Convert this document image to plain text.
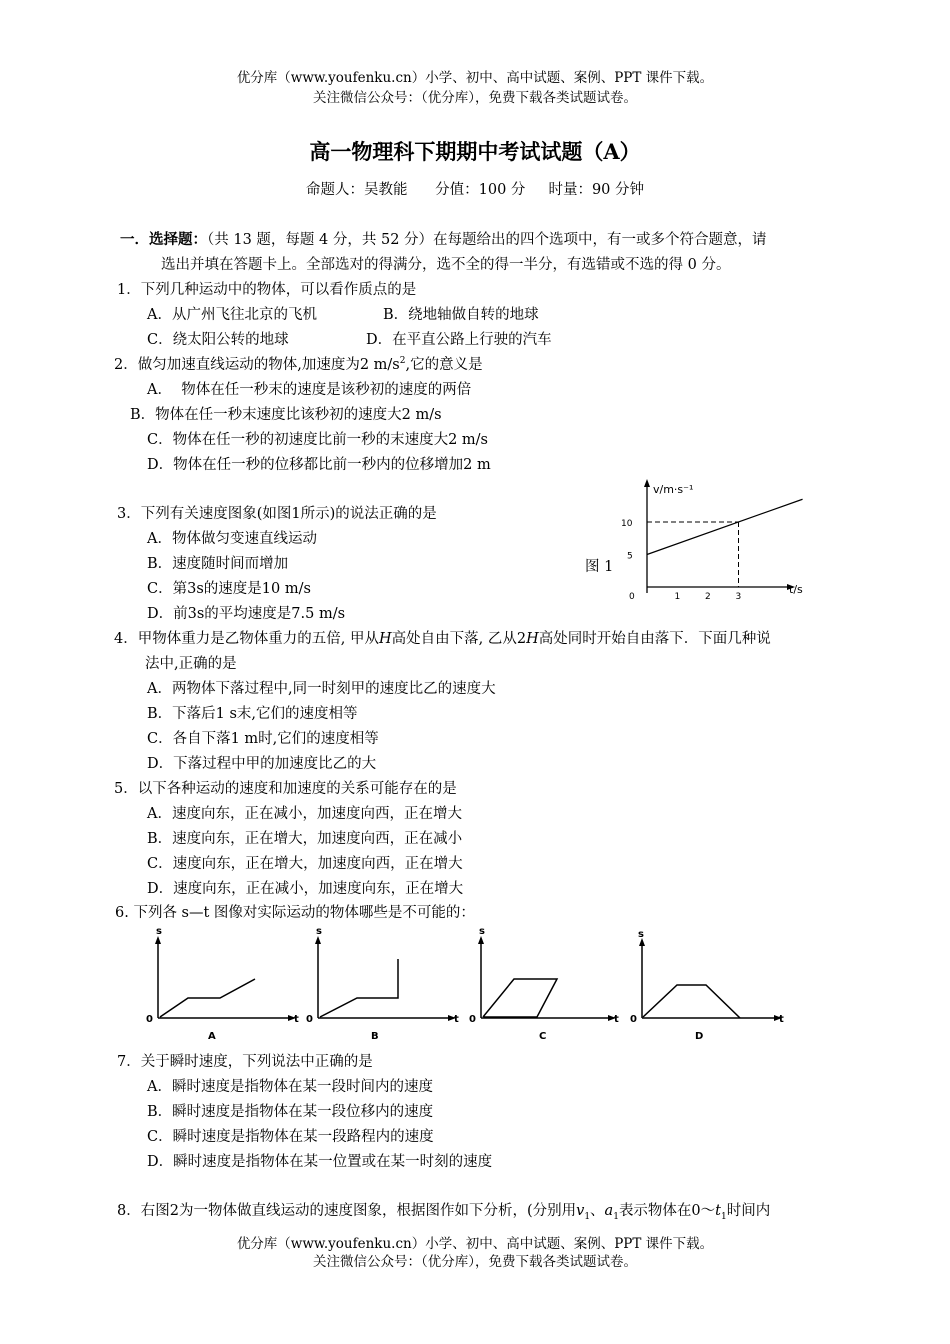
优分库（www.youfenku.cn）小学、初中、高中试题、案例、PPT 课件下载。
关注微信公众号：（优分库），免费下载各类试题试卷。
高一物理科下期期中考试试题（A）
命题人：吴教能      分值：100 分     时量：90 分钟
一．选择题：（共 13 题，每题 4 分，共 52 分）在每题给出的四个选项中，有一或多个符合题意，请
选出并填在答题卡上。全部选对的得满分，选不全的得一半分，有选错或不选的得 0 分。
1．下列几种运动中的物体，可以看作质点的是
A．从广州飞往北京的飞机	B．绕地轴做自转的地球
C．绕太阳公转的地球	D．在平直公路上行驶的汽车
2．做匀加速直线运动的物体,加速度为2 $m/s^2$,它的意义是
A．  物体在任一秒末的速度是该秒初的速度的两倍
B．物体在任一秒末速度比该秒初的速度大2 m/s
C．物体在任一秒的初速度比前一秒的末速度大2 m/s
D．物体在任一秒的位移都比前一秒内的位移增加2 m
3．下列有关速度图象(如图1所示)的说法正确的是
A．物体做匀变速直线运动
B．速度随时间而增加
C．第3s的速度是10 m/s
D．前3s的平均速度是7.5 m/s
图 1
v/m·s⁻¹
t/s
0	1	2	3
5
10
4．甲物体重力是乙物体重力的五倍, 甲从H高处自由下落, 乙从2H高处同时开始自由落下．下面几种说
法中,正确的是
A．两物体下落过程中,同一时刻甲的速度比乙的速度大
B．下落后1 s末,它们的速度相等
C．各自下落1 m时,它们的速度相等
D．下落过程中甲的加速度比乙的大
5．以下各种运动的速度和加速度的关系可能存在的是
A．速度向东，正在减小，加速度向西，正在增大
B．速度向东，正在增大，加速度向西，正在减小
C．速度向东，正在增大，加速度向西，正在增大
D．速度向东，正在减小，加速度向东，正在增大
6. 下列各 s—t 图像对实际运动的物体哪些是不可能的：
s
t
0
A
s
t
0
B
s
t
0
C
s
t
0
D
7．关于瞬时速度，下列说法中正确的是
A．瞬时速度是指物体在某一段时间内的速度
B．瞬时速度是指物体在某一段位移内的速度
C．瞬时速度是指物体在某一段路程内的速度
D．瞬时速度是指物体在某一位置或在某一时刻的速度
8．右图2为一物体做直线运动的速度图象，根据图作如下分析，(分别用$v_1$、$a_1$表示物体在$0\sim t_1$时间内
优分库（www.youfenku.cn）小学、初中、高中试题、案例、PPT 课件下载。
关注微信公众号：（优分库），免费下载各类试题试卷。
